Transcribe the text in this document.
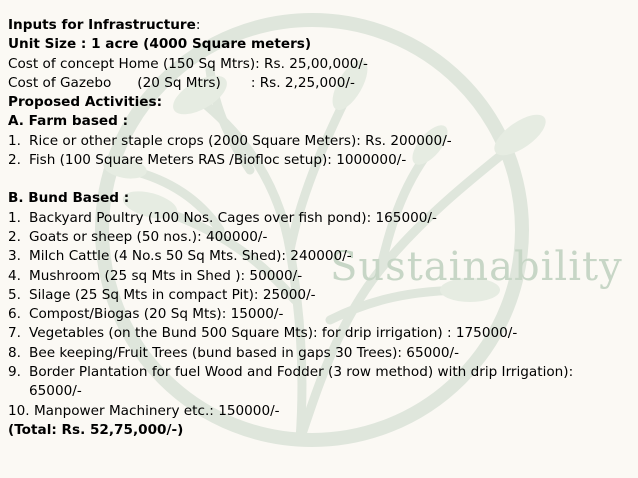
Sustainability

Inputs for Infrastructure:

Unit Size : 1 acre (4000 Square meters)

Cost of concept Home (150 Sq Mtrs): Rs. 25,00,000/-

Cost of Gazebo (20 Sq Mtrs) : Rs. 2,25,000/-

Proposed Activities:

A. Farm based :

1. Rice or other staple crops (2000 Square Meters): Rs. 200000/-
2. Fish (100 Square Meters RAS /Biofloc setup): 1000000/-

B. Bund Based :

1. Backyard Poultry (100 Nos. Cages over fish pond): 165000/-
2. Goats or sheep (50 nos.): 400000/-
3. Milch Cattle (4 No.s 50 Sq Mts. Shed): 240000/-
4. Mushroom (25 sq Mts in Shed ): 50000/-
5. Silage (25 Sq Mts in compact Pit): 25000/-
6. Compost/Biogas (20 Sq Mts): 15000/-
7. Vegetables (on the Bund 500 Square Mts): for drip irrigation) : 175000/-
8. Bee keeping/Fruit Trees (bund based in gaps 30 Trees): 65000/-
9. Border Plantation for fuel Wood and Fodder (3 row method) with drip Irrigation): 65000/-

10. Manpower Machinery etc.: 150000/-

(Total: Rs. 52,75,000/-)
